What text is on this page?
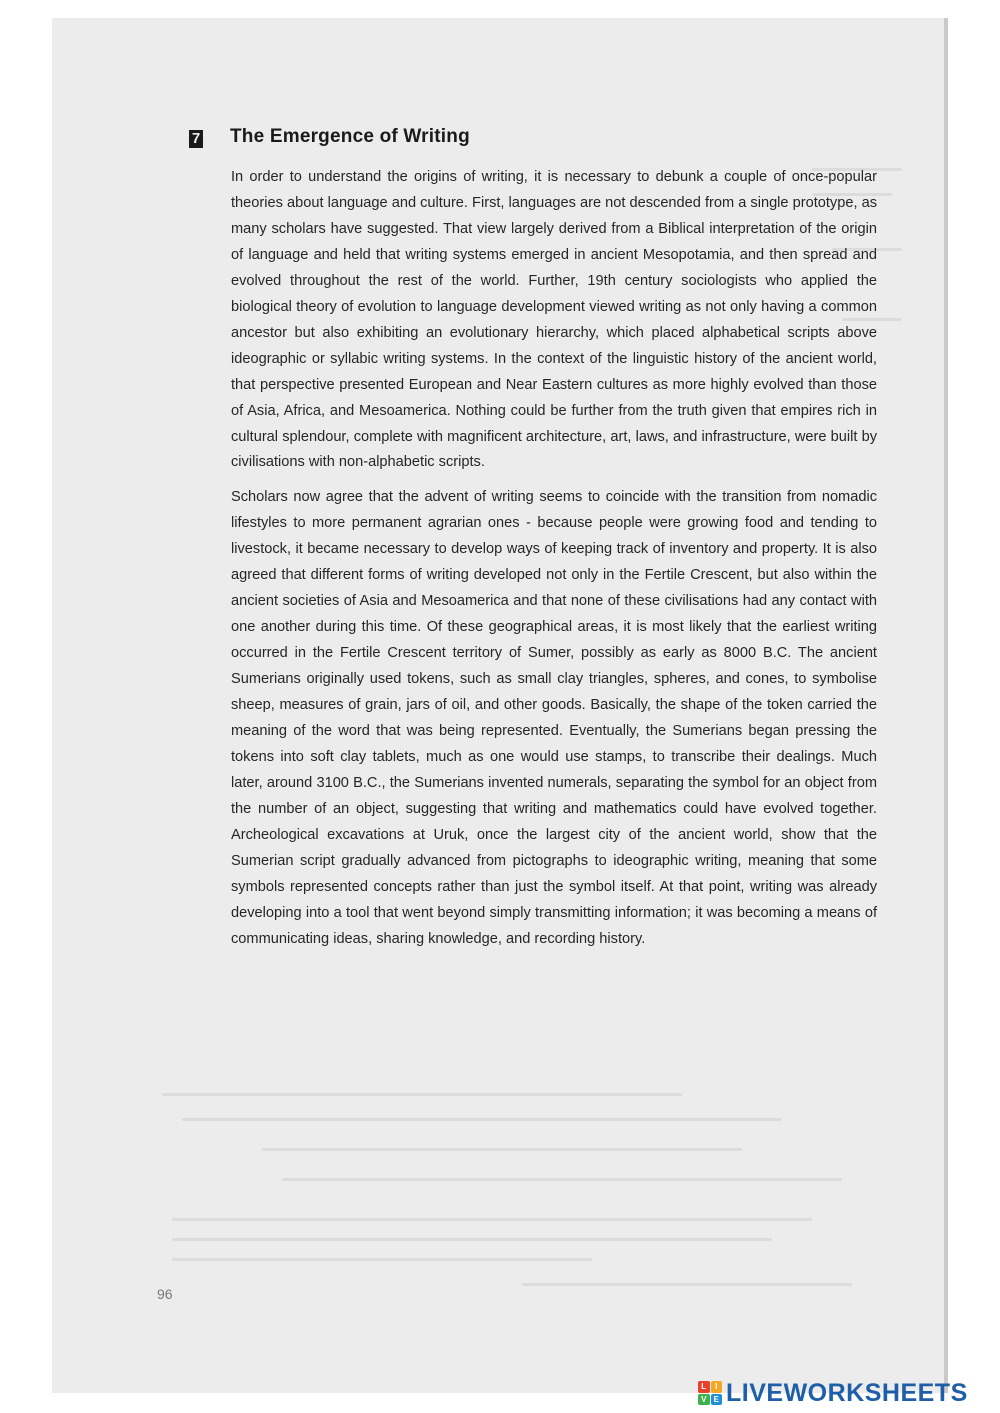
7 The Emergence of Writing

In order to understand the origins of writing, it is necessary to debunk a couple of once-popular theories about language and culture. First, languages are not descended from a single prototype, as many scholars have suggested. That view largely derived from a Biblical interpretation of the origin of language and held that writing systems emerged in ancient Mesopotamia, and then spread and evolved throughout the rest of the world. Further, 19th century sociologists who applied the biological theory of evolution to language development viewed writing as not only having a common ancestor but also exhibiting an evolutionary hierarchy, which placed alphabetical scripts above ideographic or syllabic writing systems. In the context of the linguistic history of the ancient world, that perspective presented European and Near Eastern cultures as more highly evolved than those of Asia, Africa, and Mesoamerica. Nothing could be further from the truth given that empires rich in cultural splendour, complete with magnificent architecture, art, laws, and infrastructure, were built by civilisations with non-alphabetic scripts.

Scholars now agree that the advent of writing seems to coincide with the transition from nomadic lifestyles to more permanent agrarian ones - because people were growing food and tending to livestock, it became necessary to develop ways of keeping track of inventory and property. It is also agreed that different forms of writing developed not only in the Fertile Crescent, but also within the ancient societies of Asia and Mesoamerica and that none of these civilisations had any contact with one another during this time. Of these geographical areas, it is most likely that the earliest writing occurred in the Fertile Crescent territory of Sumer, possibly as early as 8000 B.C. The ancient Sumerians originally used tokens, such as small clay triangles, spheres, and cones, to symbolise sheep, measures of grain, jars of oil, and other goods. Basically, the shape of the token carried the meaning of the word that was being represented. Eventually, the Sumerians began pressing the tokens into soft clay tablets, much as one would use stamps, to transcribe their dealings. Much later, around 3100 B.C., the Sumerians invented numerals, separating the symbol for an object from the number of an object, suggesting that writing and mathematics could have evolved together. Archeological excavations at Uruk, once the largest city of the ancient world, show that the Sumerian script gradually advanced from pictographs to ideographic writing, meaning that some symbols represented concepts rather than just the symbol itself. At that point, writing was already developing into a tool that went beyond simply transmitting information; it was becoming a means of communicating ideas, sharing knowledge, and recording history.

96
L	I
V E LIVEWORKSHEETS
